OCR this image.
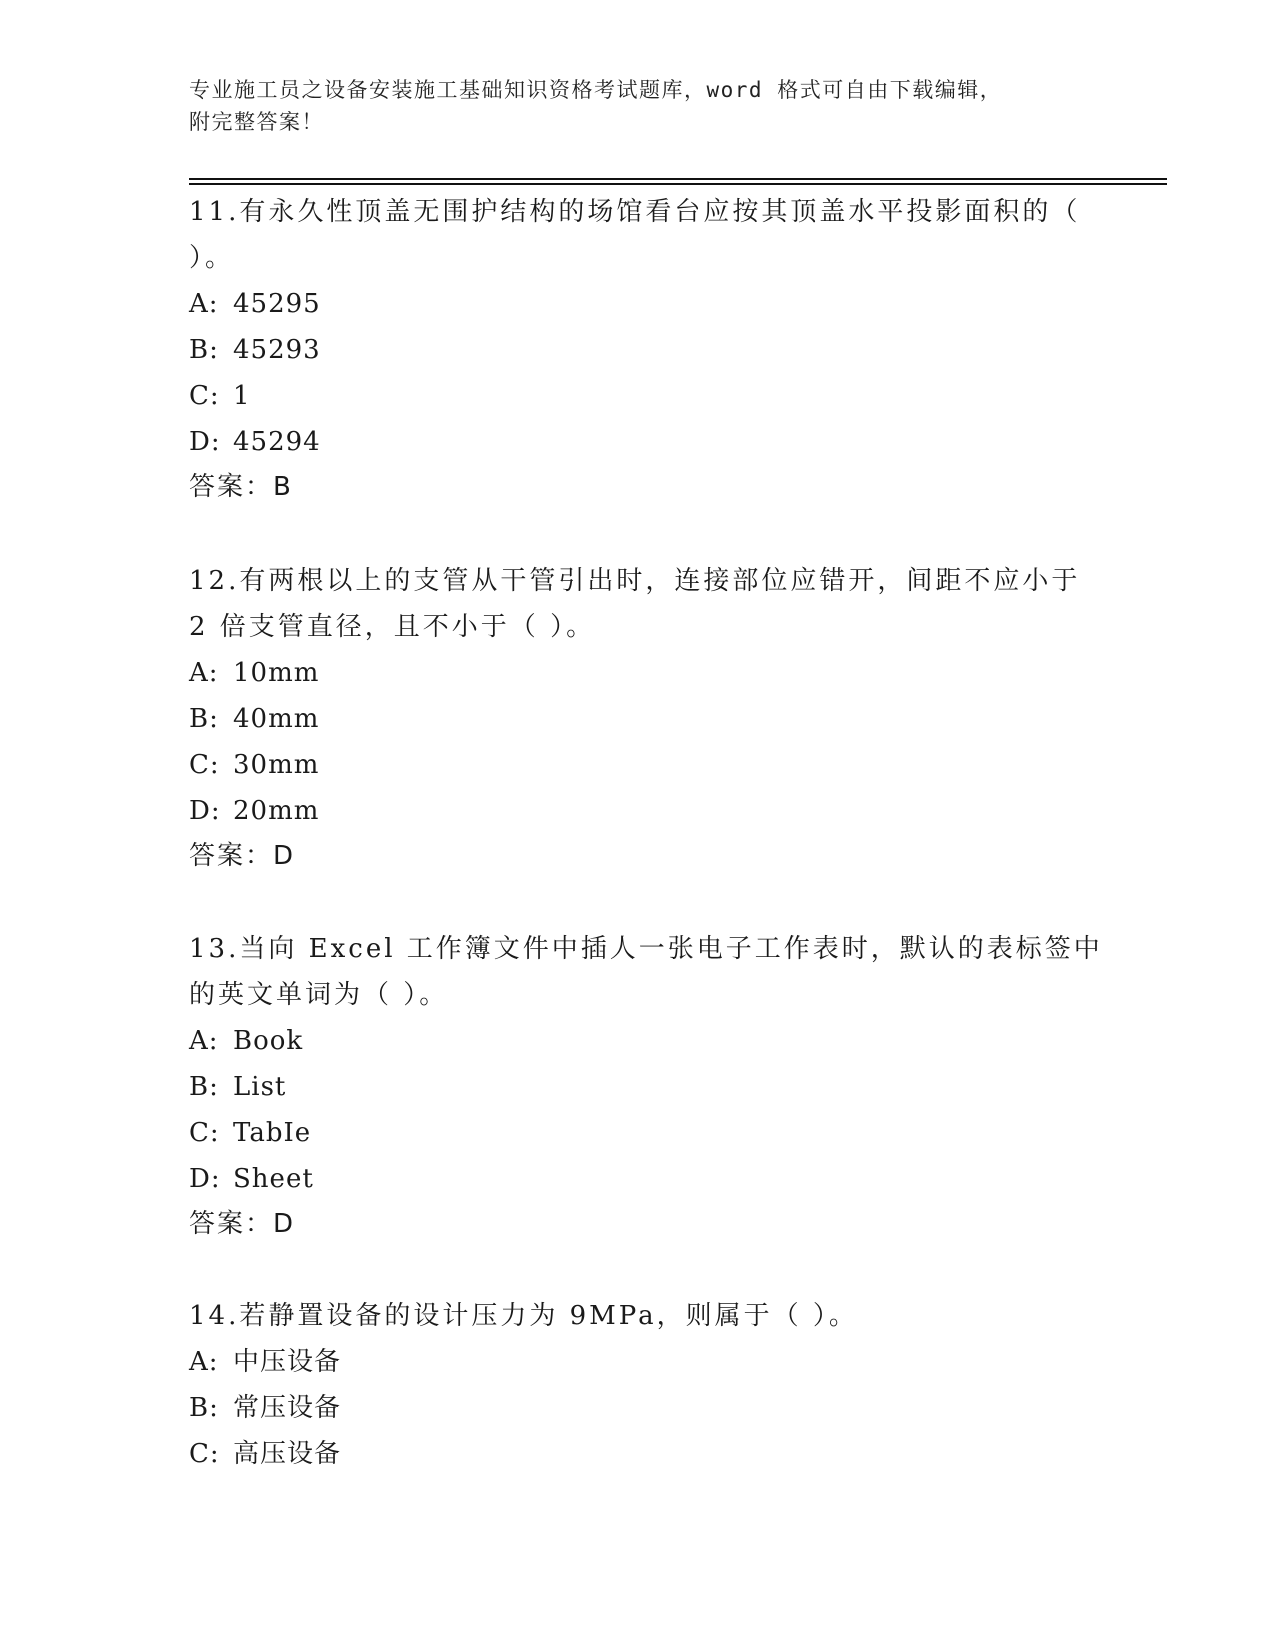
专业施工员之设备安装施工基础知识资格考试题库，word 格式可自由下载编辑，
附完整答案！
11.有永久性顶盖无围护结构的场馆看台应按其顶盖水平投影面积的（
）。
A: 45295
B: 45293
C: 1
D: 45294
答案：B
12.有两根以上的支管从干管引出时，连接部位应错开，间距不应小于
2 倍支管直径，且不小于（ ）。
A: 10mm
B: 40mm
C: 30mm
D: 20mm
答案：D
13.当向 Excel 工作簿文件中插人一张电子工作表时，默认的表标签中
的英文单词为（ ）。
A: Book
B: List
C: TabIe
D: Sheet
答案：D
14.若静置设备的设计压力为 9MPa，则属于（ ）。
A: 中压设备
B: 常压设备
C: 高压设备
